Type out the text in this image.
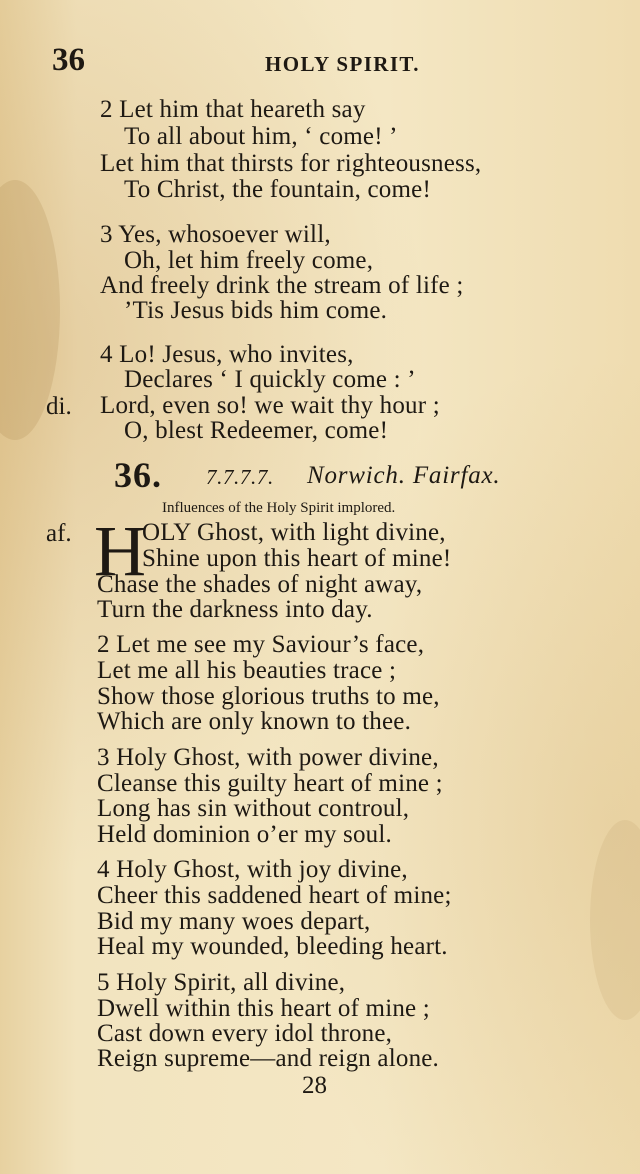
36	HOLY SPIRIT.
2 Let him that heareth say
To all about him, ‘ come! ’
Let him that thirsts for righteousness,
To Christ, the fountain, come!
3 Yes, whosoever will,
Oh, let him freely come,
And freely drink the stream of life ;
’Tis Jesus bids him come.
4 Lo! Jesus, who invites,
Declares ‘ I quickly come : ’
Lord, even so! we wait thy hour ;
O, blest Redeemer, come!
di.
36. 7.7.7.7. Norwich. Fairfax.
Influences of the Holy Spirit implored.
af. H
OLY Ghost, with light divine,
Shine upon this heart of mine!
Chase the shades of night away,
Turn the darkness into day.
2 Let me see my Saviour’s face,
Let me all his beauties trace ;
Show those glorious truths to me,
Which are only known to thee.
3 Holy Ghost, with power divine,
Cleanse this guilty heart of mine ;
Long has sin without controul,
Held dominion o’er my soul.
4 Holy Ghost, with joy divine,
Cheer this saddened heart of mine;
Bid my many woes depart,
Heal my wounded, bleeding heart.
5 Holy Spirit, all divine,
Dwell within this heart of mine ;
Cast down every idol throne,
Reign supreme—and reign alone.
28
